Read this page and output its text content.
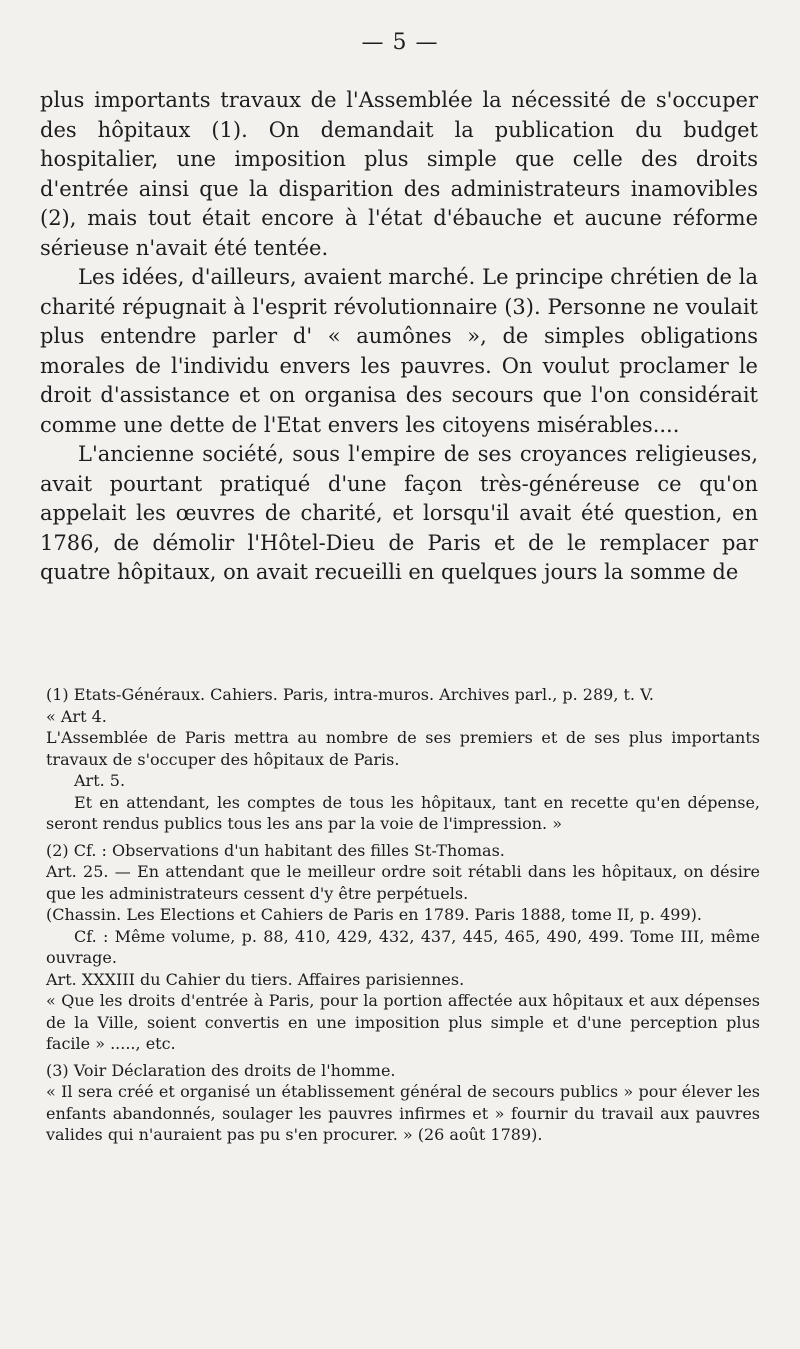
— 5 —

plus importants travaux de l'Assemblée la nécessité de s'occuper des hôpitaux (1). On demandait la publication du budget hospitalier, une imposition plus simple que celle des droits d'entrée ainsi que la disparition des administrateurs inamovibles (2), mais tout était encore à l'état d'ébauche et aucune réforme sérieuse n'avait été tentée.

Les idées, d'ailleurs, avaient marché. Le principe chrétien de la charité répugnait à l'esprit révolutionnaire (3). Personne ne voulait plus entendre parler d' « aumônes », de simples obligations morales de l'individu envers les pauvres. On voulut proclamer le droit d'assistance et on organisa des secours que l'on considérait comme une dette de l'Etat envers les citoyens misérables....

L'ancienne société, sous l'empire de ses croyances religieuses, avait pourtant pratiqué d'une façon très-généreuse ce qu'on appelait les œuvres de charité, et lorsqu'il avait été question, en 1786, de démolir l'Hôtel-Dieu de Paris et de le remplacer par quatre hôpitaux, on avait recueilli en quelques jours la somme de

(1) Etats-Généraux. Cahiers. Paris, intra-muros. Archives parl., p. 289, t. V.

« Art 4.

L'Assemblée de Paris mettra au nombre de ses premiers et de ses plus importants travaux de s'occuper des hôpitaux de Paris.

Art. 5.

Et en attendant, les comptes de tous les hôpitaux, tant en recette qu'en dépense, seront rendus publics tous les ans par la voie de l'impression. »

(2) Cf. : Observations d'un habitant des filles St-Thomas.

Art. 25. — En attendant que le meilleur ordre soit rétabli dans les hôpitaux, on désire que les administrateurs cessent d'y être perpétuels.

(Chassin. Les Elections et Cahiers de Paris en 1789. Paris 1888, tome II, p. 499).

Cf. : Même volume, p. 88, 410, 429, 432, 437, 445, 465, 490, 499. Tome III, même ouvrage.

Art. XXXIII du Cahier du tiers. Affaires parisiennes.

« Que les droits d'entrée à Paris, pour la portion affectée aux hôpitaux et aux dépenses de la Ville, soient convertis en une imposition plus simple et d'une perception plus facile » ....., etc.

(3) Voir Déclaration des droits de l'homme.

« Il sera créé et organisé un établissement général de secours publics » pour élever les enfants abandonnés, soulager les pauvres infirmes et » fournir du travail aux pauvres valides qui n'auraient pas pu s'en procurer. » (26 août 1789).
